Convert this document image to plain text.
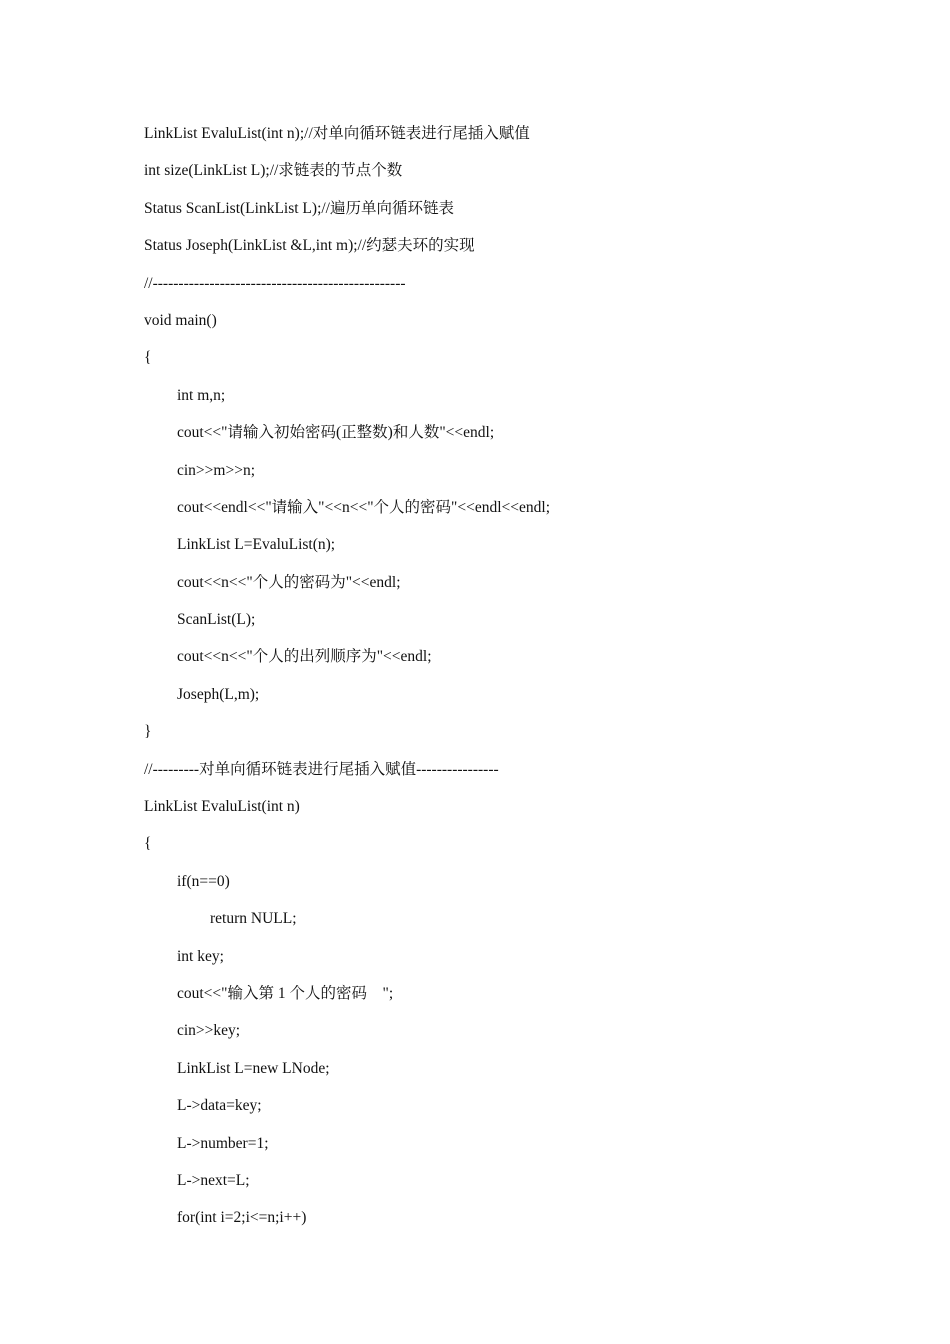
LinkList EvaluList(int n);//对单向循环链表进行尾插入赋值
int size(LinkList L);//求链表的节点个数
Status ScanList(LinkList L);//遍历单向循环链表
Status Joseph(LinkList &L,int m);//约瑟夫环的实现
//-------------------------------------------------
void main()
{
int m,n;
cout<<"请输入初始密码(正整数)和人数"<<endl;
cin>>m>>n;
cout<<endl<<"请输入"<<n<<"个人的密码"<<endl<<endl;
LinkList L=EvaluList(n);
cout<<n<<"个人的密码为"<<endl;
ScanList(L);
cout<<n<<"个人的出列顺序为"<<endl;
Joseph(L,m);
}
//---------对单向循环链表进行尾插入赋值----------------
LinkList EvaluList(int n)
{
if(n==0)
return NULL;
int key;
cout<<"输入第 1 个人的密码    ";
cin>>key;
LinkList L=new LNode;
L->data=key;
L->number=1;
L->next=L;
for(int i=2;i<=n;i++)
